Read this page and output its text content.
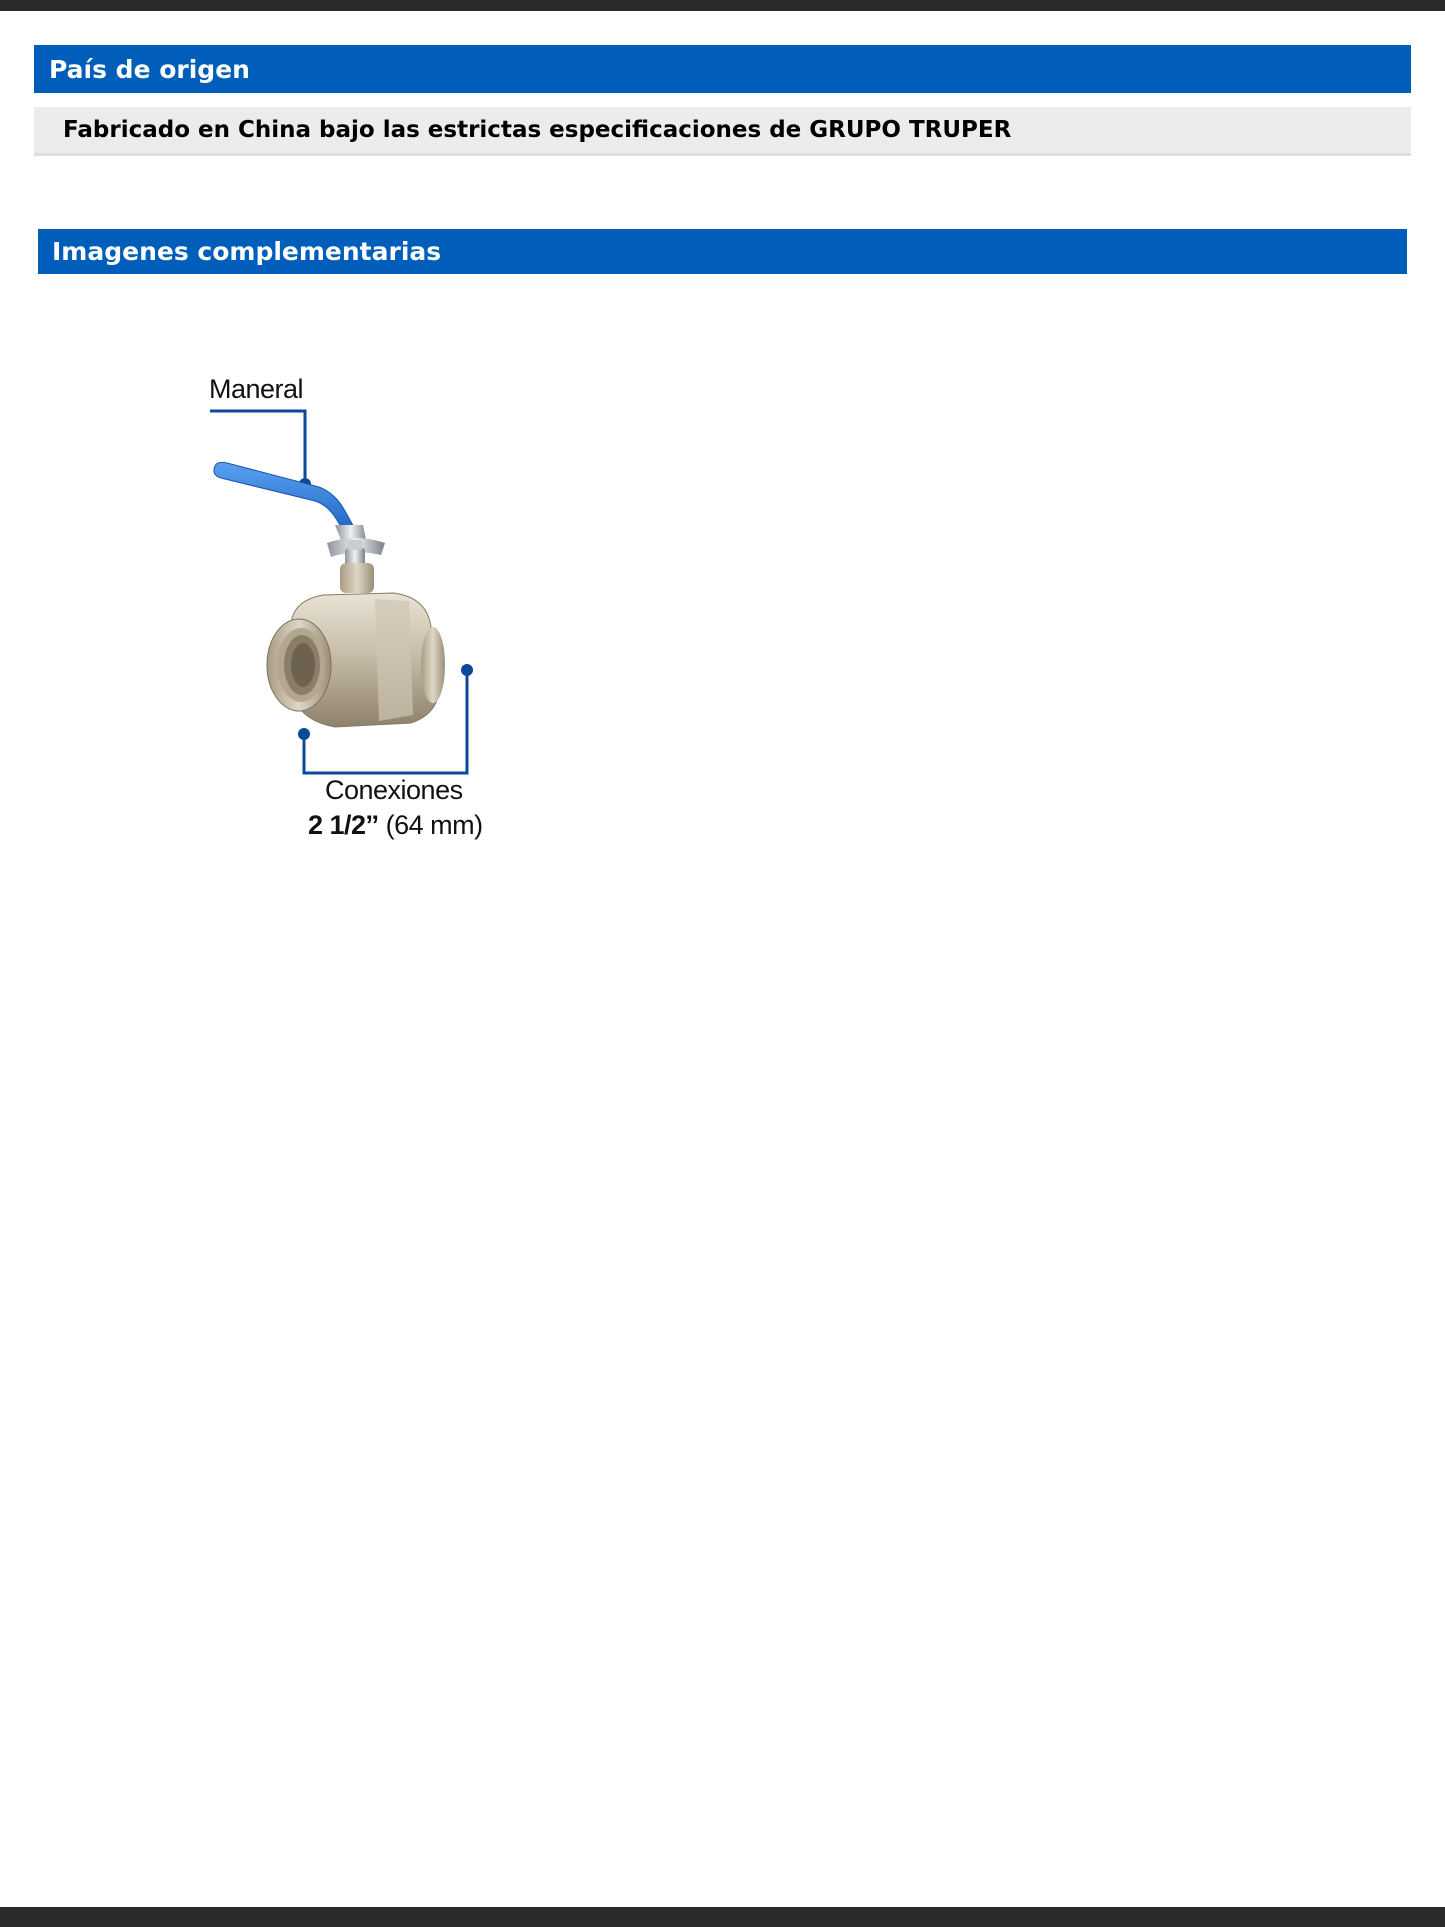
País de origen
Fabricado en China bajo las estrictas especificaciones de GRUPO TRUPER
Imagenes complementarias
Maneral
Conexiones
2 1/2’’ (64 mm)
